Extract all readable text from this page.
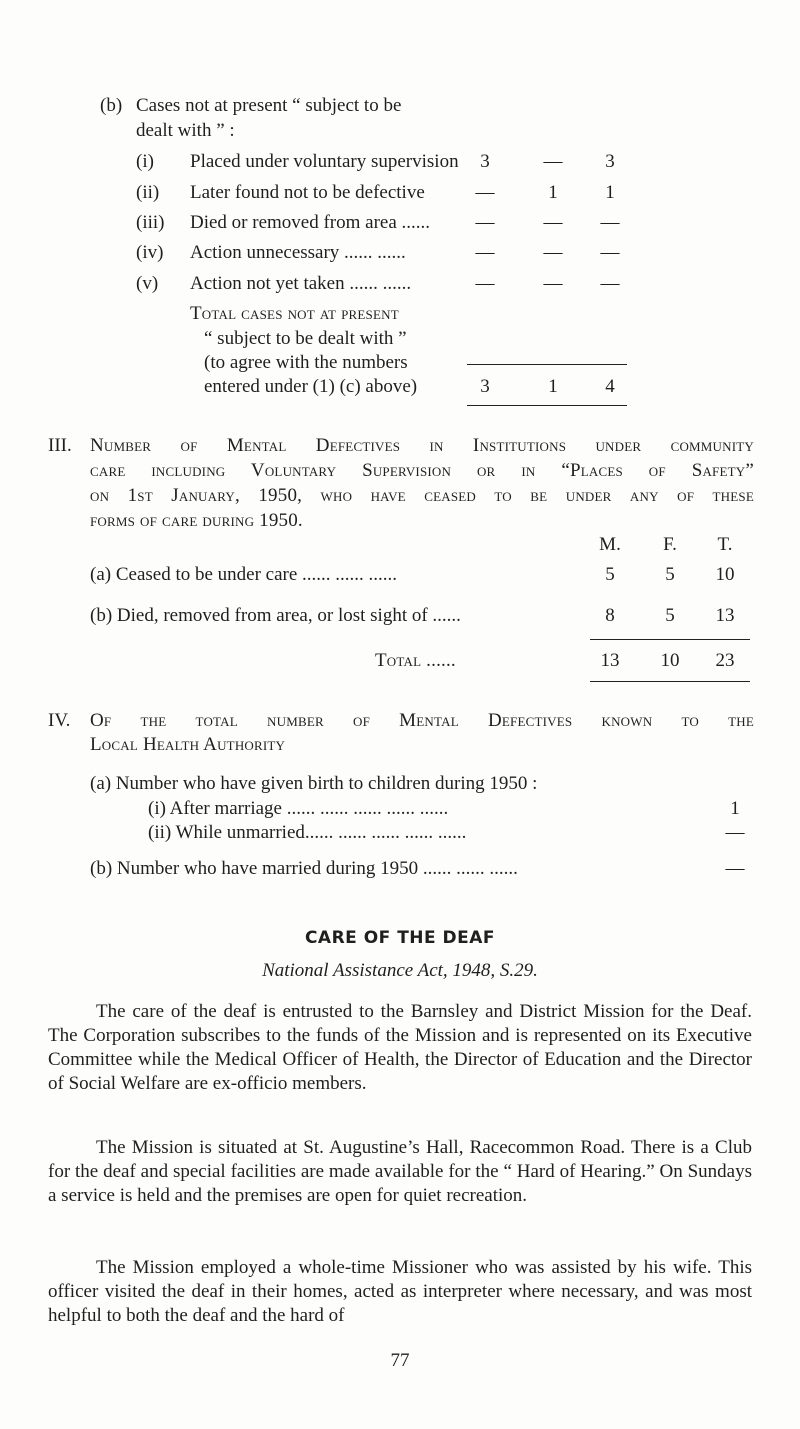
(b) Cases not at present “ subject to be
dealt with ” :
(i) Placed under voluntary supervision	3	—	3
(ii) Later found not to be defective	—	1	1
(iii) Died or removed from area ...... —	— —
(iv) Action unnecessary ...... ......	—	— —
(v) Action not yet taken ...... ......	—	— —
Total cases not at present
“ subject to be dealt with ”
(to agree with the numbers
entered under (1) (c) above)	3	1	4
III. Number of Mental Defectives in Institutions under community
care including Voluntary Supervision or in “Places of Safety”
on 1st January, 1950, who have ceased to be under any of these
forms of care during 1950.
M.	F.	T.
(a) Ceased to be under care ...... ...... ......	5	5	10
(b) Died, removed from area, or lost sight of ......	8	5	13
Total ......	13 10 23
IV. Of the total number of Mental Defectives known to the
Local Health Authority
(a) Number who have given birth to children during 1950 :
(i) After marriage ...... ...... ...... ...... ......	1
(ii) While unmarried...... ...... ...... ...... ......	—
(b) Number who have married during 1950 ...... ...... ......	—
CARE OF THE DEAF
National Assistance Act, 1948, S.29.
The care of the deaf is entrusted to the Barnsley and District Mission for the Deaf. The Corporation subscribes to the funds of the Mission and is represented on its Executive Committee while the Medical Officer of Health, the Director of Education and the Director of Social Welfare are ex-officio members.
The Mission is situated at St. Augustine’s Hall, Racecommon Road. There is a Club for the deaf and special facilities are made available for the “ Hard of Hearing.” On Sundays a service is held and the premises are open for quiet recreation.
The Mission employed a whole-time Missioner who was assisted by his wife. This officer visited the deaf in their homes, acted as interpreter where necessary, and was most helpful to both the deaf and the hard of
77
